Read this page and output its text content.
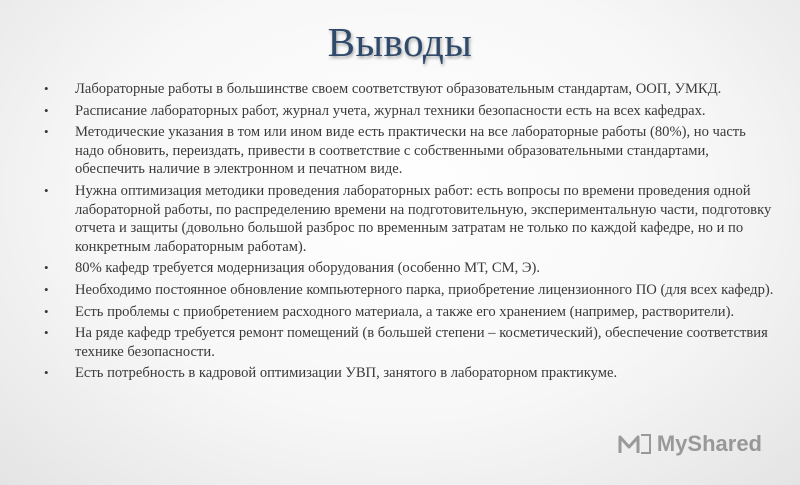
Выводы
•	Лабораторные работы в большинстве своем соответствуют образовательным стандартам, ООП, УМКД.
•	Расписание лабораторных работ, журнал учета, журнал техники безопасности есть на всех кафедрах.
•	Методические указания в том или ином виде есть практически на все лабораторные работы (80%), но часть надо обновить, переиздать, привести в соответствие с собственными образовательными стандартами, обеспечить наличие в электронном и печатном виде.
•	Нужна оптимизация методики проведения лабораторных работ: есть вопросы по времени проведения одной лабораторной работы, по распределению времени на подготовительную, экспериментальную части, подготовку отчета и защиты (довольно большой разброс по временным затратам не только по каждой кафедре, но и по конкретным лабораторным работам).
•	80% кафедр требуется модернизация оборудования (особенно МТ, СМ, Э).
•	Необходимо постоянное обновление компьютерного парка, приобретение лицензионного ПО (для всех кафедр).
•	Есть проблемы с приобретением расходного материала, а также его хранением (например, растворители).
•	На ряде кафедр требуется ремонт помещений (в большей степени – косметический), обеспечение соответствия технике безопасности.
•	Есть потребность в кадровой оптимизации УВП, занятого в лабораторном практикуме.
MyShared
